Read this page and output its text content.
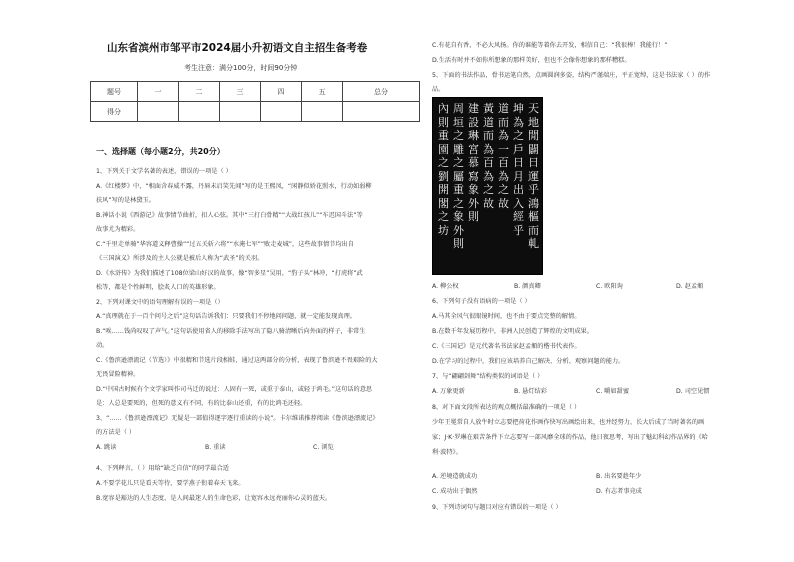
山东省滨州市邹平市2024届小升初语文自主招生备考卷
考生注意：满分100分，时间90分钟
题号	一	二	三	四	五	总分
得分						
一、选择题（每小题2分，共20分）
1、下列关于文学名著的表述，错误的一项是（ ）
A.《红楼梦》中，“相面含春威不露，丹唇未启笑先闻”写的是王熙凤，“闲静似娇花照水，行动如弱柳
扶风”写的是林黛玉。
B.神话小说《西游记》故事情节曲折，扣人心弦。其中“三打白骨精”“大战红孩儿”“车迟国斗法”等
故事尤为精彩。
C.“千里走单骑”华容道义释曹操”“过五关斩六将”“水淹七军”“败走麦城”，这些故事情节均出自
《三国演义》所涉及的主人公就是被后人称为“武圣”的关羽。
D.《水浒传》为我们描述了108位梁山好汉的故事，像“智多星”吴用，“豹子头”林冲，“打虎将”武
松等，都是个性鲜明，脍炙人口的英雄形象。
2、下列对课文中的语句理解有误的一项是（）
A.“真理就在于一百个问号之后”这句话告诉我们：只要我们不停地问问题，就一定能发现真理。
B.“唉……钱尚叹叹了声气。”这句话使用省人的移除手法写出了隐八骑清晰后向外面的样子，非常生
动。
C.《鲁滨逊漂流记（节选）》中很精和节选片段相蛙，通过这两部分的分析，表现了鲁滨逊不畏艰险的大
无畏冒险精神。
D.“中国古时候有个文学家叫作司马迁的说过：人固有一死，或重于泰山，或轻于鸿毛。”这句话的意思
是：人总是要死的，但死的意义有不同，有的比泰山还重，有的比鸿毛还轻。
3、“……《鲁滨逊漂流记》无疑是一部值得逐字逐行重读的小说”。卡尔维诺推荐阅读《鲁滨逊漂流记》
的方法是（ ）
A. 跳读	B. 重读	C. 浏览
4、下列释言，（ ）用给“缺乏自信”的同学最合适
A.不要学花儿只是看天等待，要学燕子衔着春天飞来。
B.宽容是豁达的人生态度，是人间最迷人的生命色彩，让宽容永远亮丽你心灵的蓝天。
C.有花自有香，不必大风扬。你的谁能等着你去开发，相信自己：“我很棒！我能行！”
D.生活有时并不如你所想象的那样美好，但也不会像你想象的那样糟糕。
5、下面的书法作品，骨书运笔自然，点画圆润多姿，结构严谨端庄，平正宽绰，这是书法家（ ）的作
品。
天地閒闢日運乎鴻樞而軋
坤為之戶日月出入經乎
道而為一百為之故
黃道而為百為之故
建設琳宮慕寫象外則
周垣之雕之屬重之象外則
內則重園之劉開閣之坊
A. 柳公权	B. 颜真卿	C. 欧阳询	D. 赵孟頫
6、下列句子没有语病的一项是（ ）
A.马其全风气很眼镜时间，也不由于要点完整的解情。
B.在数千年发展历程中，非洲人民创造了辉煌的文明成果。
C.《三国记》是元代著名书法家赵孟頫的楷书代表作。
D.在学习的过程中，我们应该培养自己解决、分析、观察问题的能力。
7、与“翩翩剑舞”结构类似的词语是（ ）
A. 万象更新	B. 悬灯结彩	C. 嚼如甜蜜	D. 司空见惯
8、对下面文段所表达的观点概括最准确的一项是（ ）
少年王冕常自人放牛时立志要把荷花作画作快写出画绘出来，也并经努力，长大后成了当时著名的画
家；J·K·罗琳在艰苦条件下立志要写一部风靡全球的作品，他日夜思考，写出了魅幻科幻作品界的《哈
利·波特》。
A. 逆境造就成功	B. 出名要趁年少
C. 成功出于偶然	D. 有志者事竟成
9、下列诗词句与题目对应有错误的一项是（ ）
